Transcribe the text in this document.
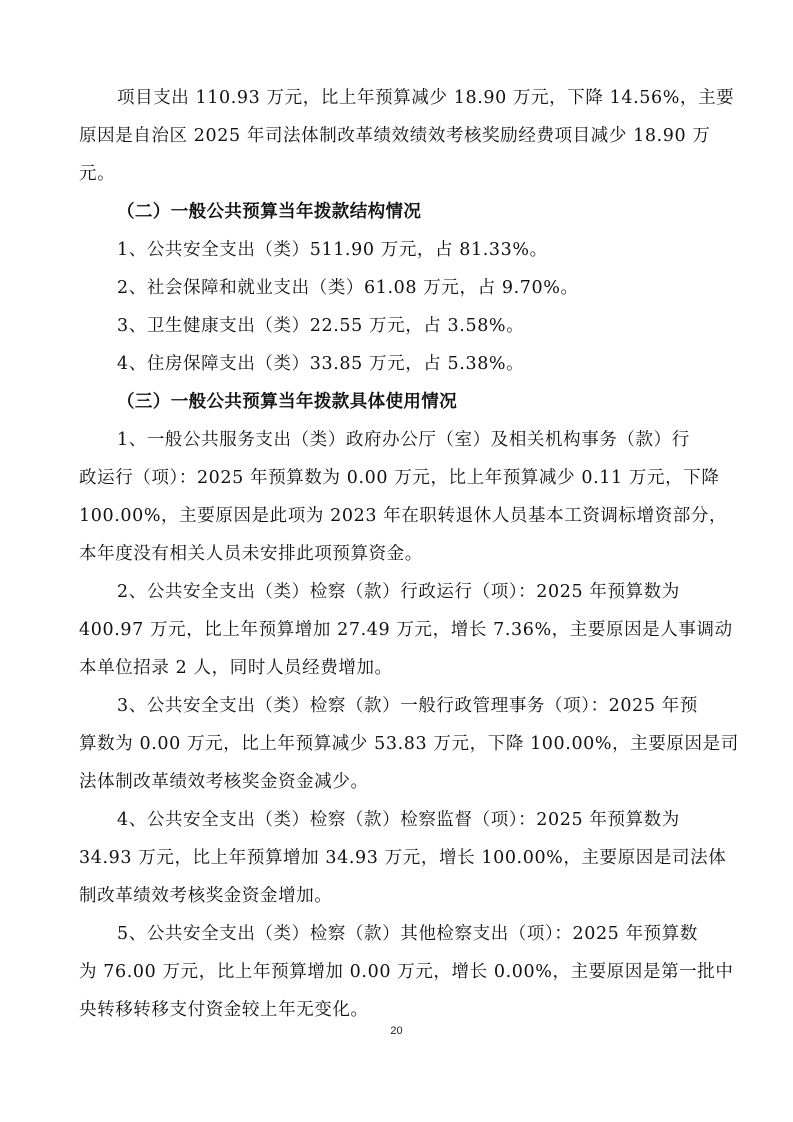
项目支出 110.93 万元，比上年预算减少 18.90 万元，下降 14.56%，主要
原因是自治区 2025 年司法体制改革绩效绩效考核奖励经费项目减少 18.90 万
元。
（二）一般公共预算当年拨款结构情况
1、公共安全支出（类）511.90 万元，占 81.33%。
2、社会保障和就业支出（类）61.08 万元，占 9.70%。
3、卫生健康支出（类）22.55 万元，占 3.58%。
4、住房保障支出（类）33.85 万元，占 5.38%。
（三）一般公共预算当年拨款具体使用情况
1、一般公共服务支出（类）政府办公厅（室）及相关机构事务（款）行
政运行（项）：2025 年预算数为 0.00 万元，比上年预算减少 0.11 万元，下降
100.00%，主要原因是此项为 2023 年在职转退休人员基本工资调标增资部分，
本年度没有相关人员未安排此项预算资金。
2、公共安全支出（类）检察（款）行政运行（项）：2025 年预算数为
400.97 万元，比上年预算增加 27.49 万元，增长 7.36%，主要原因是人事调动
本单位招录 2 人，同时人员经费增加。
3、公共安全支出（类）检察（款）一般行政管理事务（项）：2025 年预
算数为 0.00 万元，比上年预算减少 53.83 万元，下降 100.00%，主要原因是司
法体制改革绩效考核奖金资金减少。
4、公共安全支出（类）检察（款）检察监督（项）：2025 年预算数为
34.93 万元，比上年预算增加 34.93 万元，增长 100.00%，主要原因是司法体
制改革绩效考核奖金资金增加。
5、公共安全支出（类）检察（款）其他检察支出（项）：2025 年预算数
为 76.00 万元，比上年预算增加 0.00 万元，增长 0.00%，主要原因是第一批中
央转移转移支付资金较上年无变化。
20
